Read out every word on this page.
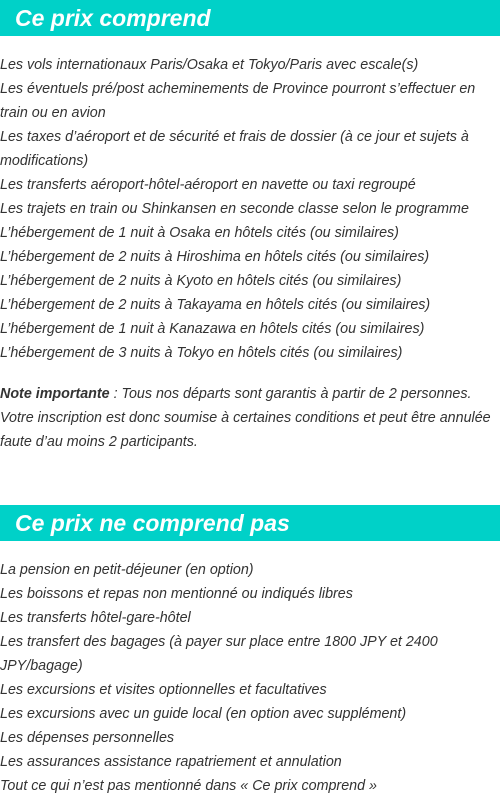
Ce prix comprend
Les vols internationaux Paris/Osaka et Tokyo/Paris avec escale(s)
Les éventuels pré/post acheminements de Province pourront s’effectuer en train ou en avion
Les taxes d’aéroport et de sécurité et frais de dossier (à ce jour et sujets à modifications)
Les transferts aéroport-hôtel-aéroport en navette ou taxi regroupé
Les trajets en train ou Shinkansen en seconde classe selon le programme
L’hébergement de 1 nuit à Osaka en hôtels cités (ou similaires)
L’hébergement de 2 nuits à Hiroshima en hôtels cités (ou similaires)
L’hébergement de 2 nuits à Kyoto en hôtels cités (ou similaires)
L’hébergement de 2 nuits à Takayama en hôtels cités (ou similaires)
L’hébergement de 1 nuit à Kanazawa en hôtels cités (ou similaires)
L’hébergement de 3 nuits à Tokyo en hôtels cités (ou similaires)

Note importante : Tous nos départs sont garantis à partir de 2 personnes. Votre inscription est donc soumise à certaines conditions et peut être annulée faute d’au moins 2 participants.

Ce prix ne comprend pas
La pension en petit-déjeuner (en option)
Les boissons et repas non mentionné ou indiqués libres
Les transferts hôtel-gare-hôtel
Les transfert des bagages (à payer sur place entre 1800 JPY et 2400 JPY/bagage)
Les excursions et visites optionnelles et facultatives
Les excursions avec un guide local (en option avec supplément)
Les dépenses personnelles
Les assurances assistance rapatriement et annulation
Tout ce qui n’est pas mentionné dans « Ce prix comprend »
